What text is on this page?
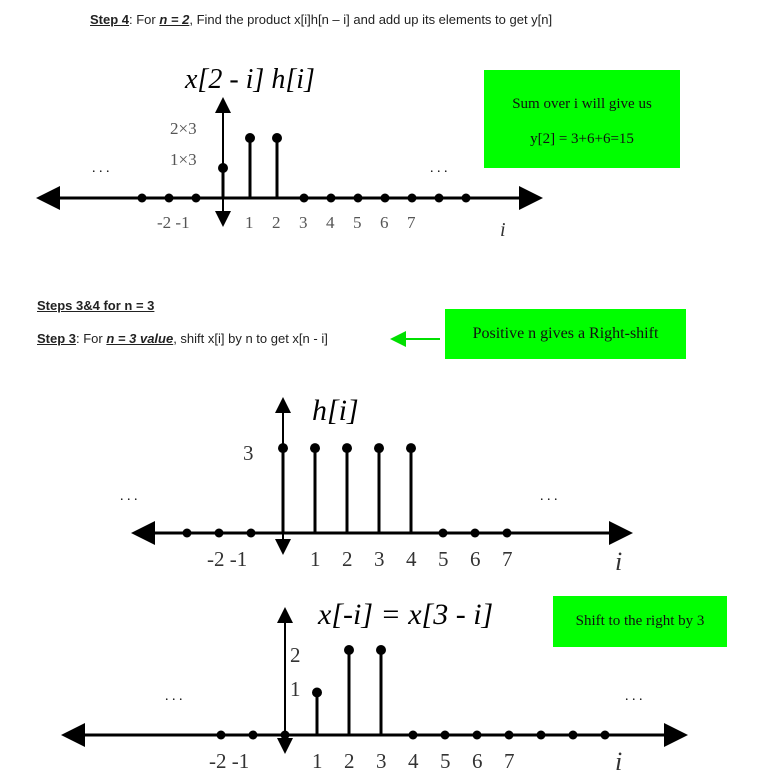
Step 4: For n = 2, Find the product x[i]h[n – i] and add up its elements to get y[n]
Sum over i will give us
y[2] = 3+6+6=15
Steps 3&4 for n = 3
Step 3: For n = 3 value, shift x[i] by n to get x[n - i]	Positive n gives a Right-shift
Shift to the right by 3
x[2 - i] h[i]
2×3
1×3
-2 -1	1 2 3 4 5 6 7
. . .	. . .
i
h[i]
3
-2 -1	1 2 3 4 5 6 7
. . .	. . .
i
x[-i] = x[3 - i]
2
1
-2 -1	1 2 3 4 5 6 7
. . .	. . .
i
